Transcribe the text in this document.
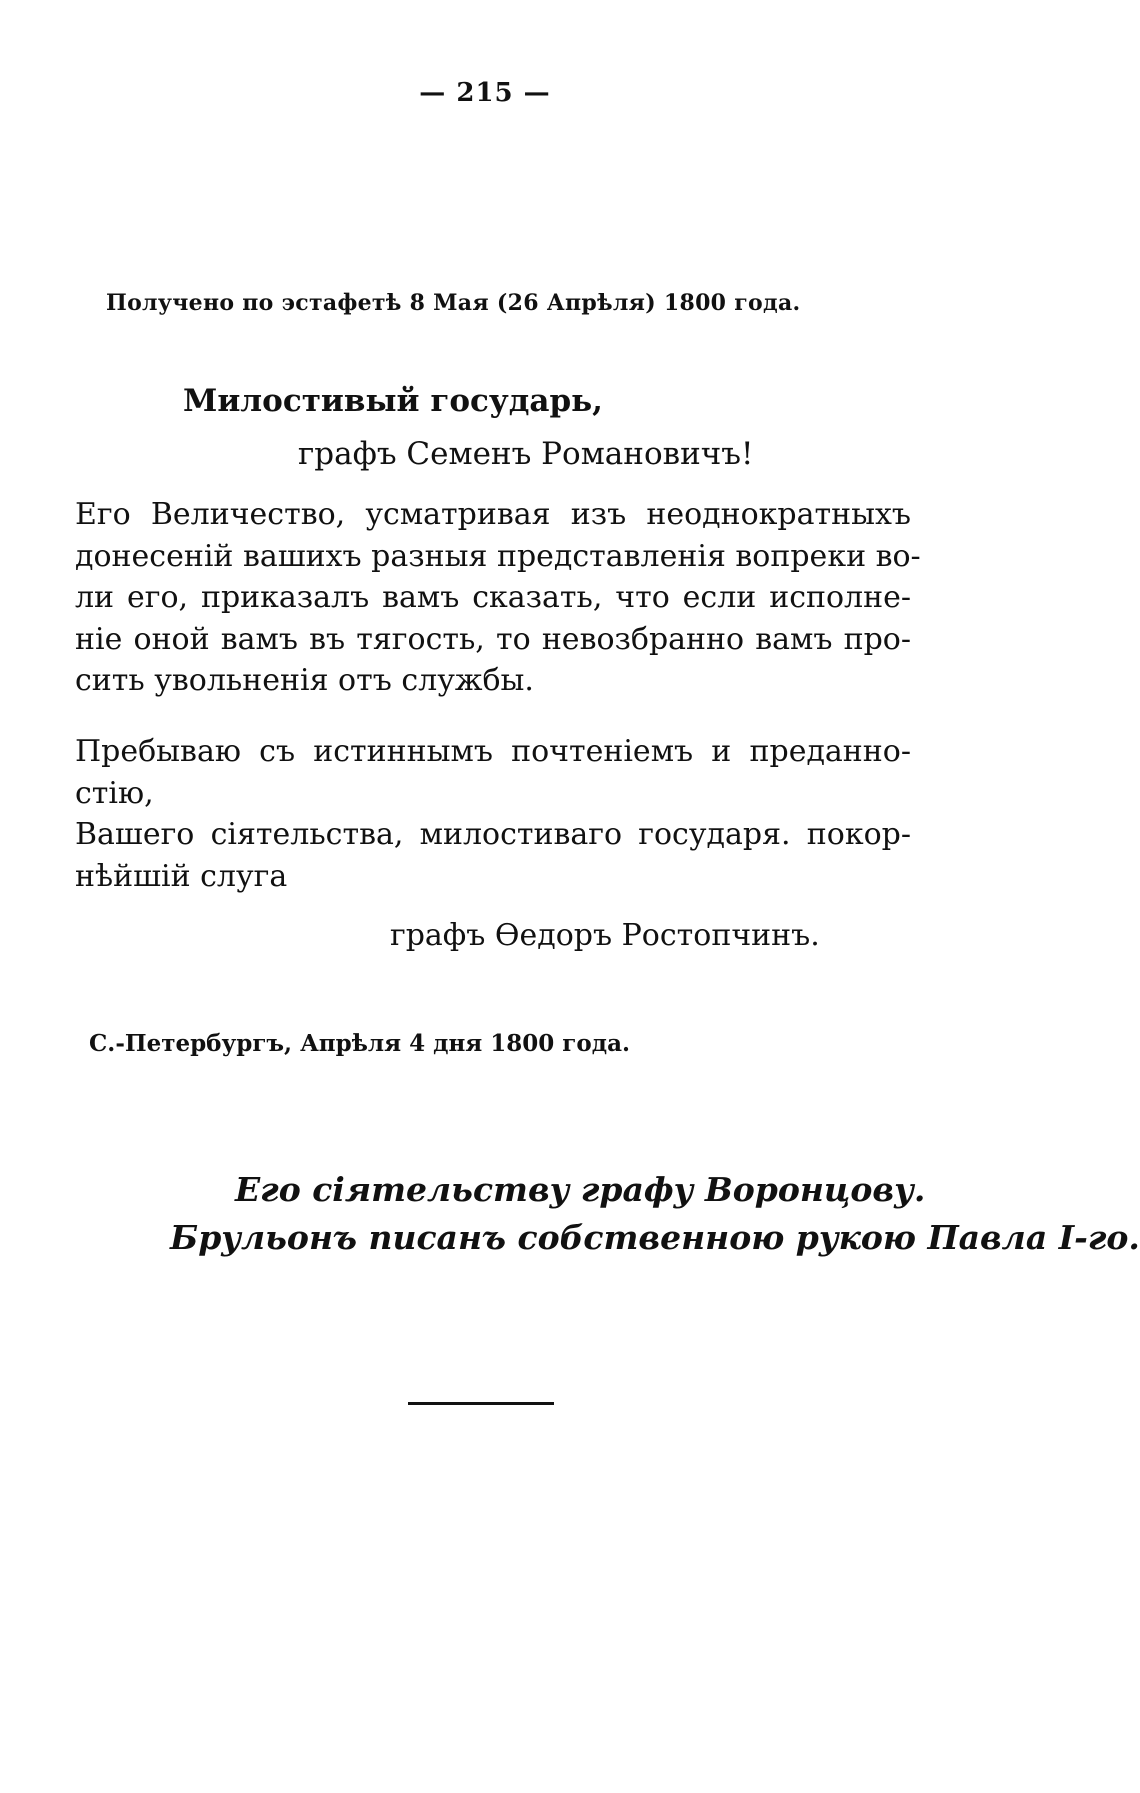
— 215 —
Получено по эстафетѣ 8 Мая (26 Апрѣля) 1800 года.
Милостивый государь,
графъ Семенъ Романовичъ!
Его Величество, усматривая изъ неоднократныхъ
донесеній вашихъ разныя представленія вопреки во-
ли его, приказалъ вамъ сказать, что если исполне-
ніе оной вамъ въ тягость, то невозбранно вамъ про-
сить увольненія отъ службы.
Пребываю съ истиннымъ почтеніемъ и преданно-
стію,
Вашего сіятельства, милостиваго государя. покор-
нѣйшій слуга
графъ Ѳедоръ Ростопчинъ.
С.-Петербургъ, Апрѣля 4 дня 1800 года.
Его сіятельству графу Воронцову.
Брульонъ писанъ собственною рукою Павла I-го.
